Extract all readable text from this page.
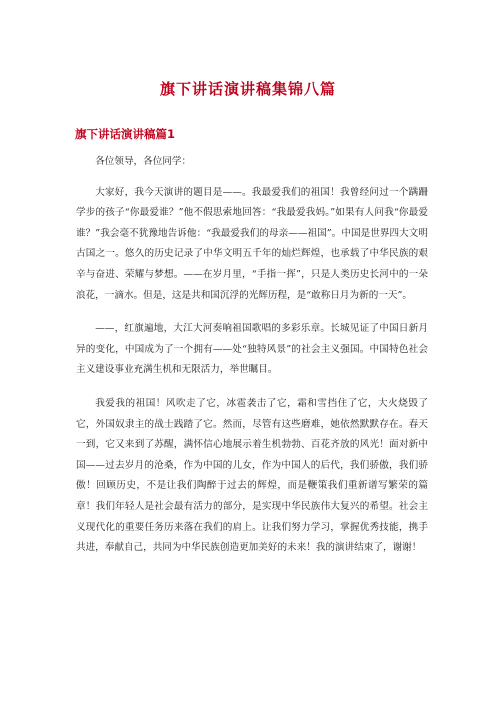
旗下讲话演讲稿集锦八篇
旗下讲话演讲稿篇1

各位领导，各位同学：

大家好，我今天演讲的题目是——。我最爱我们的祖国！我曾经问过一个蹒跚学步的孩子“你最爱谁？”他不假思索地回答：“我最爱我妈。”如果有人问我“你最爱谁？”我会毫不犹豫地告诉他：“我最爱我们的母亲——祖国”。中国是世界四大文明古国之一。悠久的历史记录了中华文明五千年的灿烂辉煌，也承载了中华民族的艰辛与奋进、荣耀与梦想。——在岁月里，“手指一挥”，只是人类历史长河中的一朵浪花，一滴水。但是，这是共和国沉浮的光辉历程，是“敢称日月为新的一天”。

——，红旗遍地，大江大河奏响祖国歌唱的多彩乐章。长城见证了中国日新月异的变化，中国成为了一个拥有——处“独特风景”的社会主义强国。中国特色社会主义建设事业充满生机和无限活力，举世瞩目。

我爱我的祖国！风吹走了它，冰雹袭击了它，霜和雪挡住了它，大火烧毁了它，外国奴隶主的战士践踏了它。然而，尽管有这些磨难，她依然默默存在。春天一到，它又来到了苏醒，满怀信心地展示着生机勃勃、百花齐放的风光！面对新中国——过去岁月的沧桑，作为中国的儿女，作为中国人的后代，我们骄傲，我们骄傲！回顾历史，不是让我们陶醉于过去的辉煌，而是鞭策我们重新谱写繁荣的篇章！我们年轻人是社会最有活力的部分，是实现中华民族伟大复兴的希望。社会主义现代化的重要任务历来落在我们的肩上。让我们努力学习，掌握优秀技能，携手共进，奉献自己，共同为中华民族创造更加美好的未来！我的演讲结束了，谢谢！
